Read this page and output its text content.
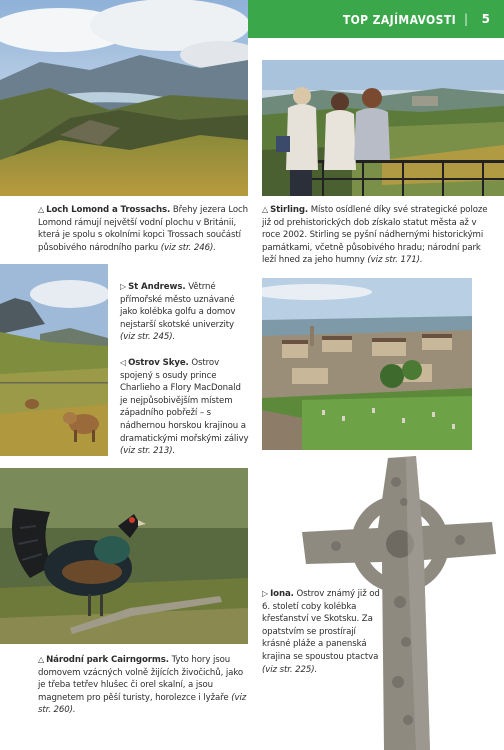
TOP ZAJÍMAVOSTI | 5
△ Loch Lomond a Trossachs. Břehy jezera Loch Lomond rámují největší vodní plochu v Británii, která je spolu s okolními kopci Trossach součástí působivého národního parku (viz str. 246).
△ Stirling. Místo osídlené díky své strategické poloze již od prehistorických dob získalo statut města až v roce 2002. Stirling se pyšní nádhernými historickými památkami, včetně působivého hradu; národní park leží hned za jeho humny (viz str. 171).
▷ St Andrews. Větrné přímořské město uznávané jako kolébka golfu a domov nejstarší skotské univerzity (viz str. 245).
◁ Ostrov Skye. Ostrov spojený s osudy prince Charlieho a Flory MacDonald je nejpůsobivějším místem západního pobřeží – s nádhernou horskou krajinou a dramatickými mořskými zálivy (viz str. 213).
▷ Iona. Ostrov známý již od 6. století coby kolébka křesťanství ve Skotsku. Za opatstvím se prostírají krásné pláže a panenská krajina se spoustou ptactva (viz str. 225).
△ Národní park Cairngorms. Tyto hory jsou domovem vzácných volně žijících živočichů, jako je třeba tetřev hlušec či orel skalní, a jsou magnetem pro pěší turisty, horolezce i lyžaře (viz str. 260).
